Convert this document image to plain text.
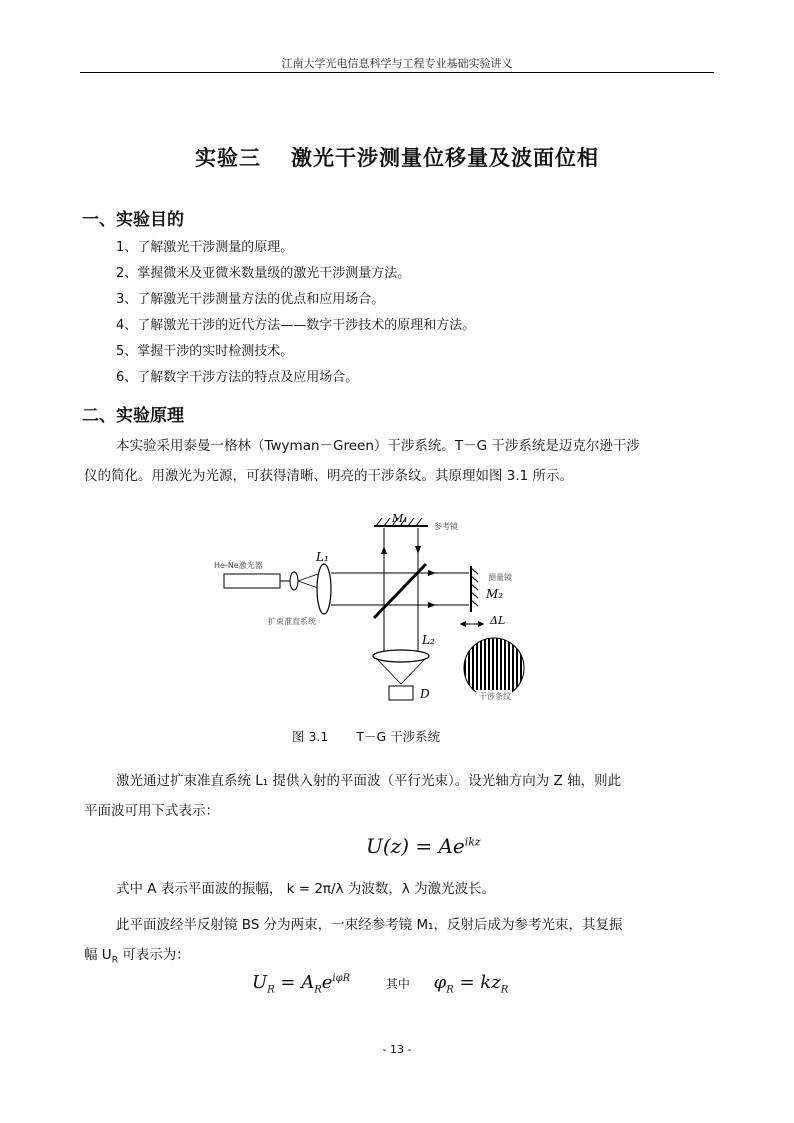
江南大学光电信息科学与工程专业基础实验讲义
实验三 激光干涉测量位移量及波面位相
一、实验目的
1、了解激光干涉测量的原理。
2、掌握微米及亚微米数量级的激光干涉测量方法。
3、了解激光干涉测量方法的优点和应用场合。
4、了解激光干涉的近代方法——数字干涉技术的原理和方法。
5、掌握干涉的实时检测技术。
6、了解数字干涉方法的特点及应用场合。
二、实验原理
本实验采用泰曼一格林（Twyman－Green）干涉系统。T－G 干涉系统是迈克尔逊干涉
仪的简化。用激光为光源，可获得清晰、明亮的干涉条纹。其原理如图 3.1 所示。
M₁
参考镜
He-Ne激光器
L₁
扩束准直系统
测量镜
M₂
L₂
D
ΔL
干涉条纹
图 3.1 T－G 干涉系统
激光通过扩束准直系统 L₁ 提供入射的平面波（平行光束）。设光轴方向为 Z 轴，则此
平面波可用下式表示：
$U(z) = Ae^{ikz}$
式中 A 表示平面波的振幅， k = 2π/λ 为波数，λ 为激光波长。
此平面波经半反射镜 BS 分为两束，一束经参考镜 M₁，反射后成为参考光束，其复振
幅 $U_R$ 可表示为：
$U_R = A_Re^{i\varphi R}$	其中 $\varphi_R = kz_R$
- 13 -
